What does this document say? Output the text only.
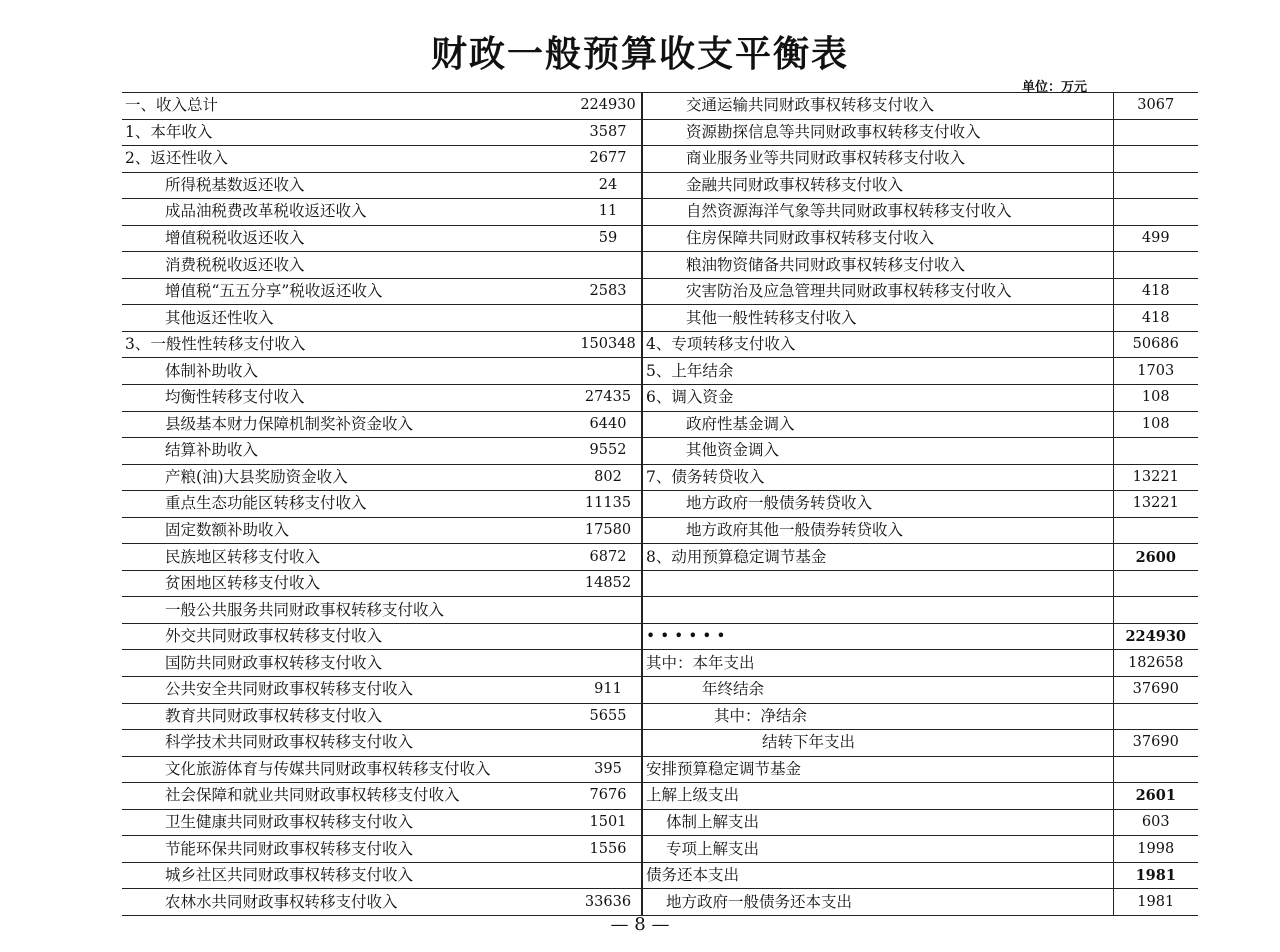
财政一般预算收支平衡表
单位：万元
一、收入总计	224930	交通运输共同财政事权转移支付收入	3067
1、本年收入	3587	资源勘探信息等共同财政事权转移支付收入	
2、返还性收入	2677	商业服务业等共同财政事权转移支付收入	
所得税基数返还收入	24	金融共同财政事权转移支付收入	
成品油税费改革税收返还收入	11	自然资源海洋气象等共同财政事权转移支付收入	
增值税税收返还收入	59	住房保障共同财政事权转移支付收入	499
消费税税收返还收入		粮油物资储备共同财政事权转移支付收入	
增值税“五五分享”税收返还收入	2583	灾害防治及应急管理共同财政事权转移支付收入	418
其他返还性收入		其他一般性转移支付收入	418
3、一般性性转移支付收入	150348	4、专项转移支付收入	50686
体制补助收入		5、上年结余	1703
均衡性转移支付收入	27435	6、调入资金	108
县级基本财力保障机制奖补资金收入	6440	政府性基金调入	108
结算补助收入	9552	其他资金调入	
产粮(油)大县奖励资金收入	802	7、债务转贷收入	13221
重点生态功能区转移支付收入	11135	地方政府一般债务转贷收入	13221
固定数额补助收入	17580	地方政府其他一般债券转贷收入	
民族地区转移支付收入	6872	8、动用预算稳定调节基金	2600
贫困地区转移支付收入	14852		
一般公共服务共同财政事权转移支付收入			
外交共同财政事权转移支付收入		• • • • • •	224930
国防共同财政事权转移支付收入		其中：本年支出	182658
公共安全共同财政事权转移支付收入	911	年终结余	37690
教育共同财政事权转移支付收入	5655	其中：净结余	
科学技术共同财政事权转移支付收入		结转下年支出	37690
文化旅游体育与传媒共同财政事权转移支付收入	395	安排预算稳定调节基金	
社会保障和就业共同财政事权转移支付收入	7676	上解上级支出	2601
卫生健康共同财政事权转移支付收入	1501	体制上解支出	603
节能环保共同财政事权转移支付收入	1556	专项上解支出	1998
城乡社区共同财政事权转移支付收入		债务还本支出	1981
农林水共同财政事权转移支付收入	33636	地方政府一般债务还本支出	1981
— 8 —
